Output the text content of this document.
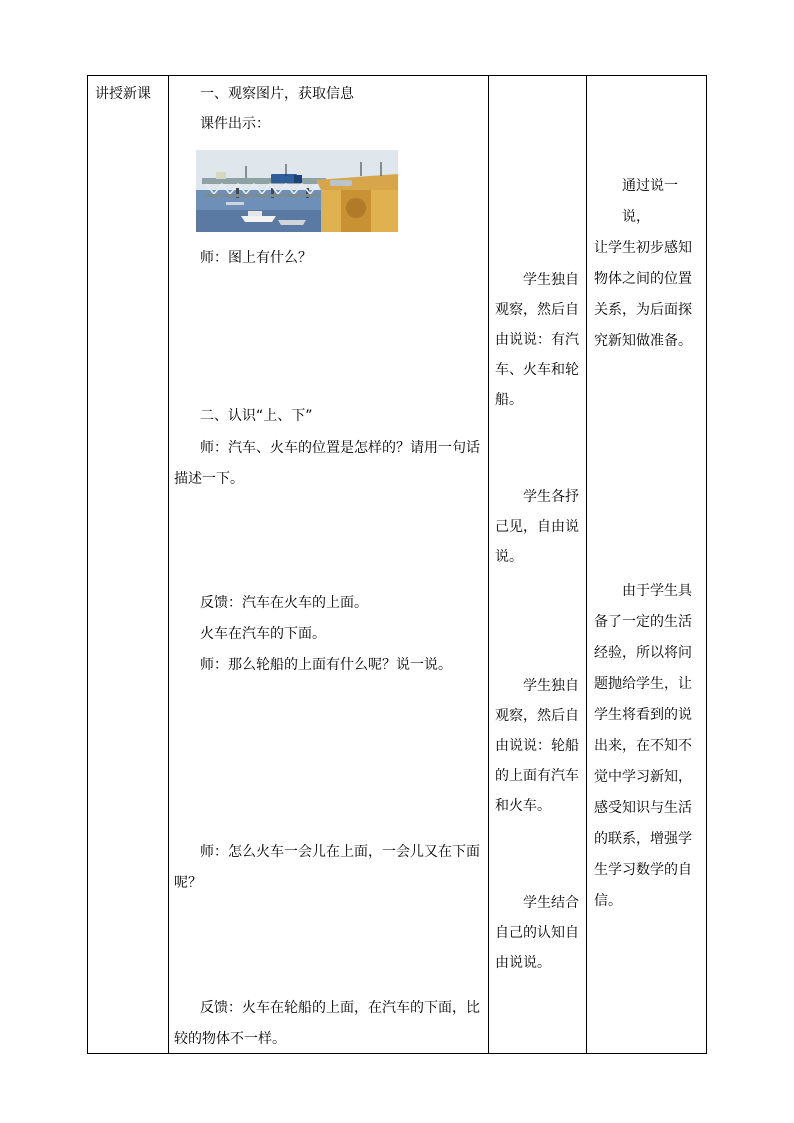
讲授新课	一、观察图片，获取信息
课件出示：
师：图上有什么？
二、认识“上、下”
师：汽车、火车的位置是怎样的？请用一句话
描述一下。
反馈：汽车在火车的上面。
火车在汽车的下面。
师：那么轮船的上面有什么呢？说一说。
师：怎么火车一会儿在上面，一会儿又在下面
呢？
反馈：火车在轮船的上面，在汽车的下面，比
较的物体不一样。
学生独自
观察，然后自
由说说：有汽
车、火车和轮
船。
学生各抒
己见，自由说
说。
学生独自
观察，然后自
由说说：轮船
的上面有汽车
和火车。
学生结合
自己的认知自
由说说。
通过说一说，
让学生初步感知
物体之间的位置
关系，为后面探
究新知做准备。
由于学生具
备了一定的生活
经验，所以将问
题抛给学生，让
学生将看到的说
出来，在不知不
觉中学习新知，
感受知识与生活
的联系，增强学
生学习数学的自
信。
